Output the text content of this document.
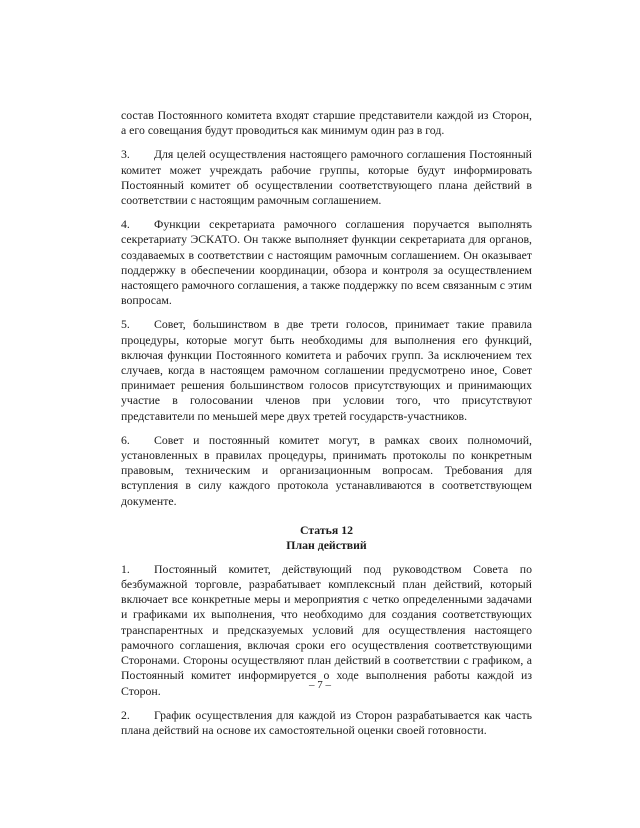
состав Постоянного комитета входят старшие представители каждой из Сторон, а его совещания будут проводиться как минимум один раз в год.

3. Для целей осуществления настоящего рамочного соглашения Постоянный комитет может учреждать рабочие группы, которые будут информировать Постоянный комитет об осуществлении соответствующего плана действий в соответствии с настоящим рамочным соглашением.

4. Функции секретариата рамочного соглашения поручается выполнять секретариату ЭСКАТО. Он также выполняет функции секретариата для органов, создаваемых в соответствии с настоящим рамочным соглашением. Он оказывает поддержку в обеспечении координации, обзора и контроля за осуществлением настоящего рамочного соглашения, а также поддержку по всем связанным с этим вопросам.

5. Совет, большинством в две трети голосов, принимает такие правила процедуры, которые могут быть необходимы для выполнения его функций, включая функции Постоянного комитета и рабочих групп. За исключением тех случаев, когда в настоящем рамочном соглашении предусмотрено иное, Совет принимает решения большинством голосов присутствующих и принимающих участие в голосовании членов при условии того, что присутствуют представители по меньшей мере двух третей государств-участников.

6. Совет и постоянный комитет могут, в рамках своих полномочий, установленных в правилах процедуры, принимать протоколы по конкретным правовым, техническим и организационным вопросам. Требования для вступления в силу каждого протокола устанавливаются в соответствующем документе.

Статья 12
План действий

1. Постоянный комитет, действующий под руководством Совета по безбумажной торговле, разрабатывает комплексный план действий, который включает все конкретные меры и мероприятия с четко определенными задачами и графиками их выполнения, что необходимо для создания соответствующих транспарентных и предсказуемых условий для осуществления настоящего рамочного соглашения, включая сроки его осуществления соответствующими Сторонами. Стороны осуществляют план действий в соответствии с графиком, а Постоянный комитет информируется о ходе выполнения работы каждой из Сторон.

2. График осуществления для каждой из Сторон разрабатывается как часть плана действий на основе их самостоятельной оценки своей готовности.

– 7 –
